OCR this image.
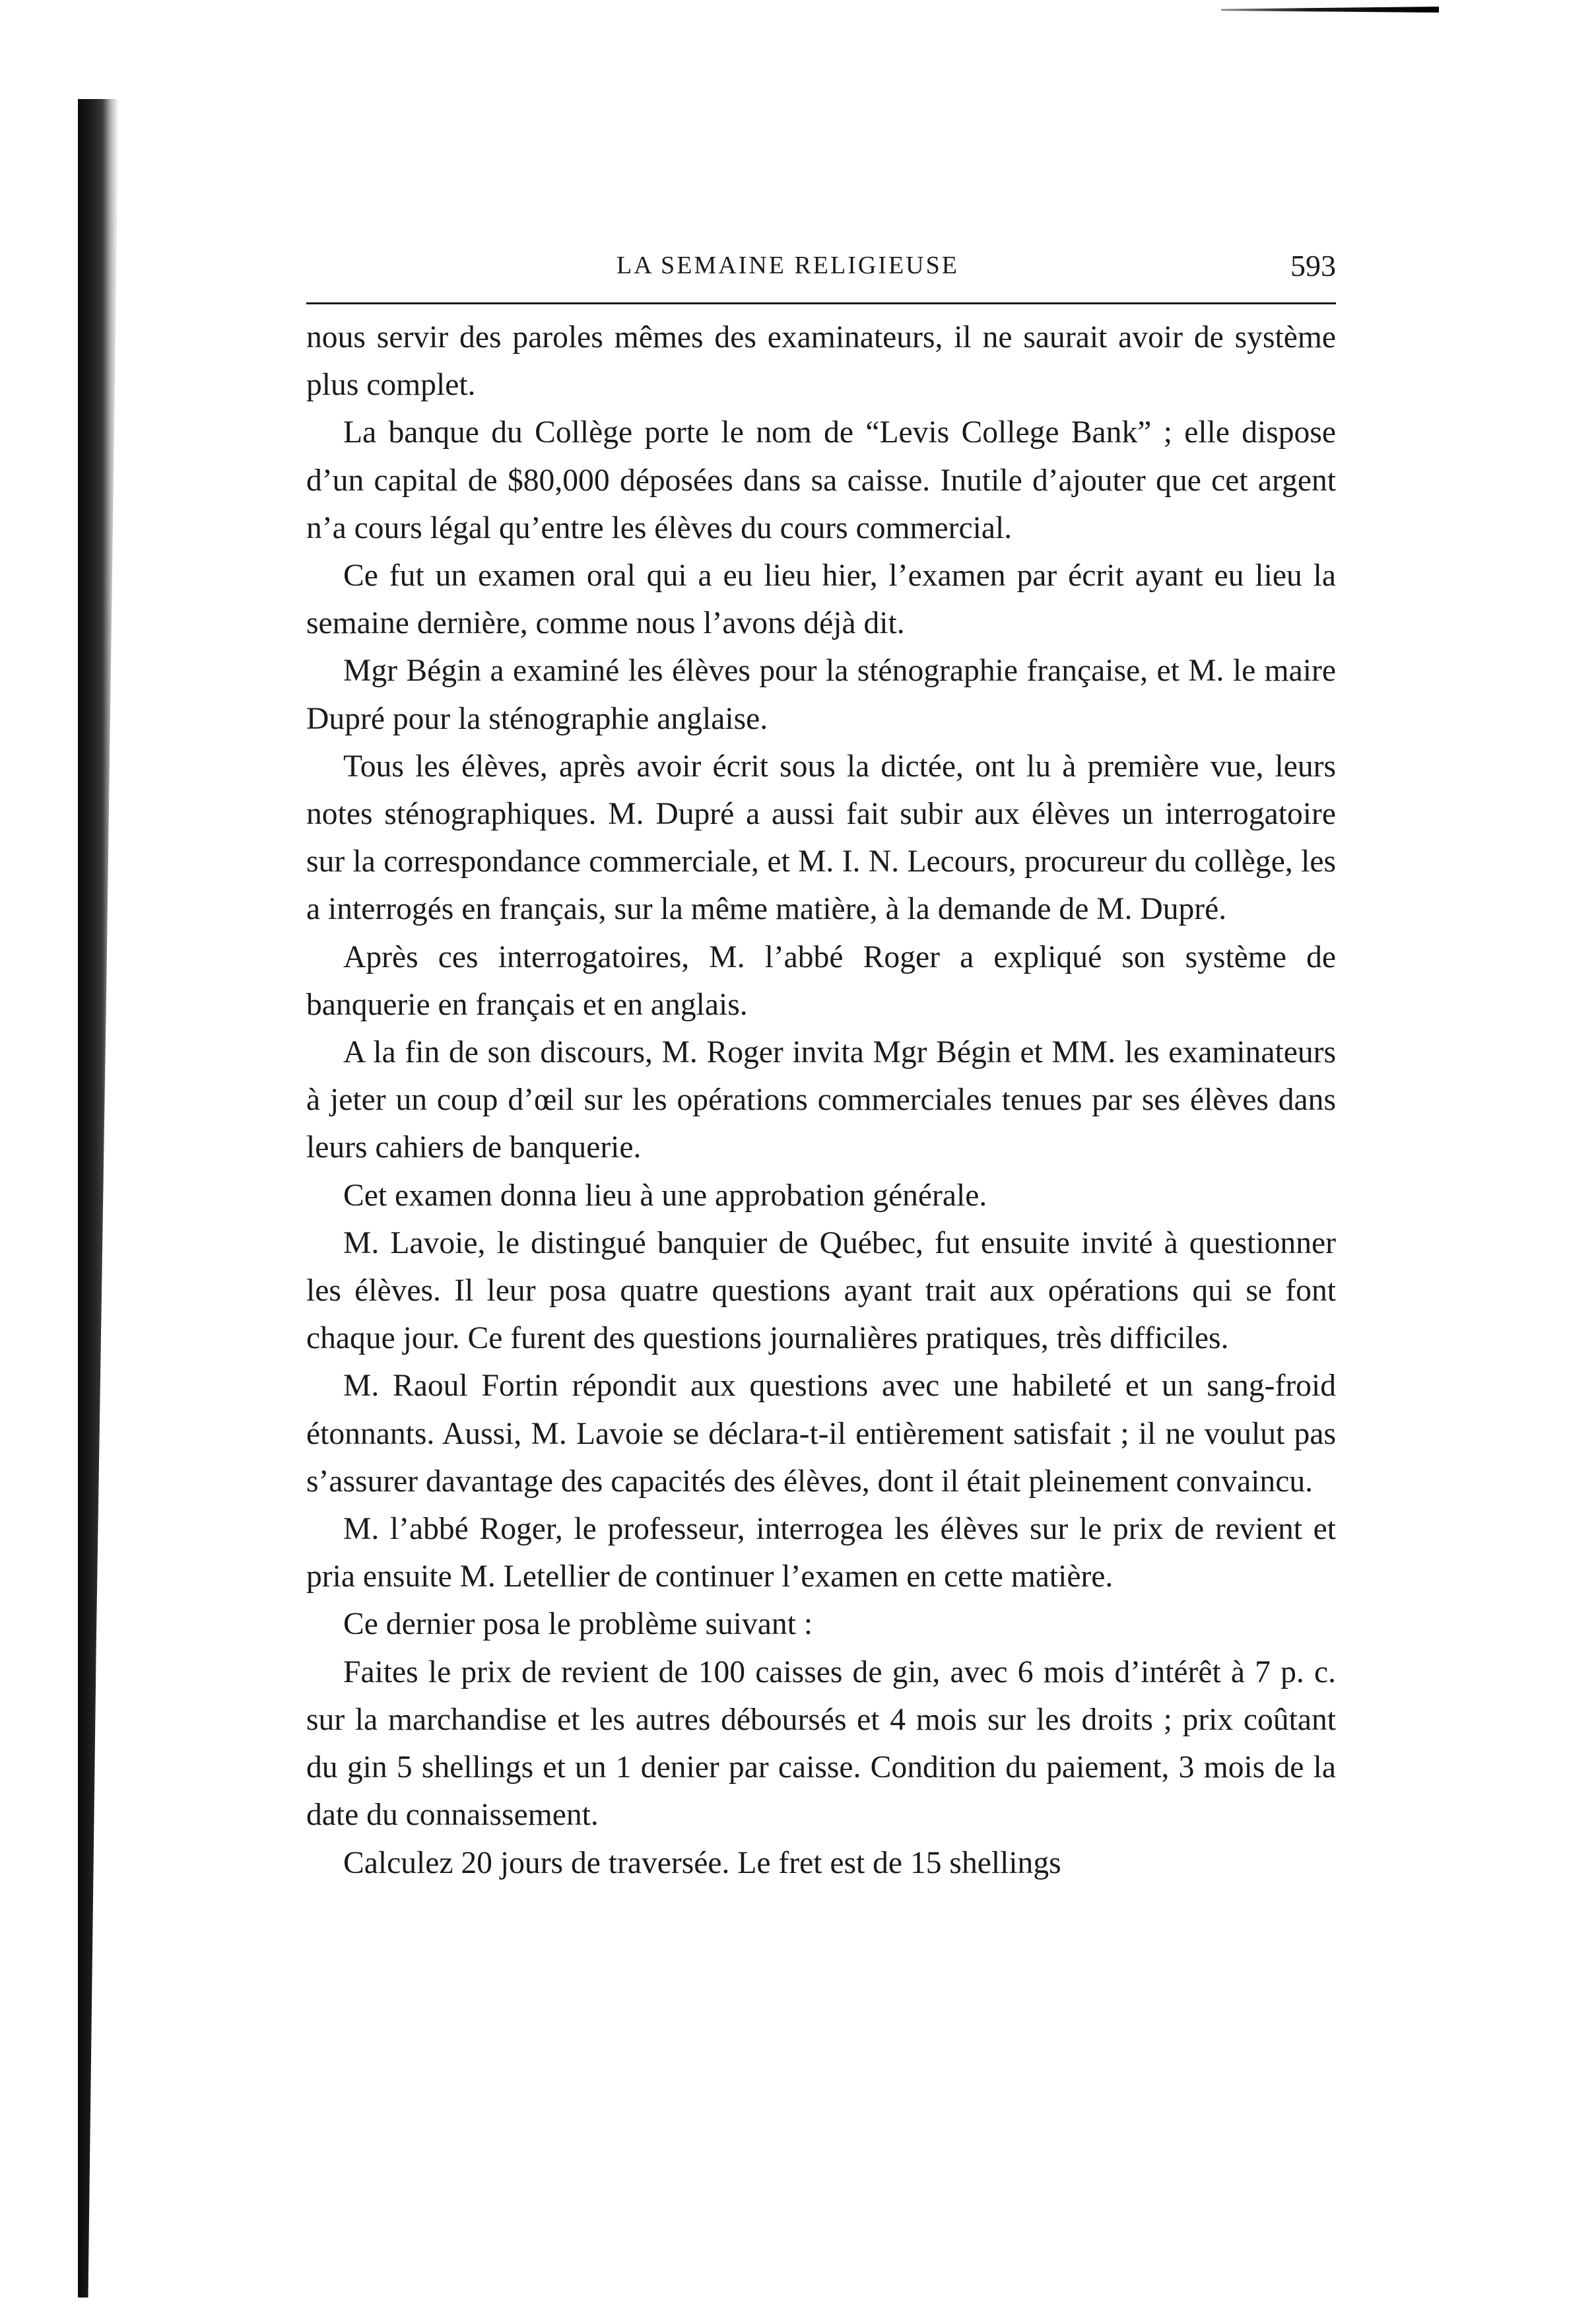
LA SEMAINE RELIGIEUSE	593

nous servir des paroles mêmes des examinateurs, il ne saurait avoir de système plus complet.

La banque du Collège porte le nom de “Levis College Bank” ; elle dispose d’un capital de $80,000 déposées dans sa caisse. Inutile d’ajouter que cet argent n’a cours légal qu’entre les élèves du cours commercial.

Ce fut un examen oral qui a eu lieu hier, l’examen par écrit ayant eu lieu la semaine dernière, comme nous l’avons déjà dit.

Mgr Bégin a examiné les élèves pour la sténographie française, et M. le maire Dupré pour la sténographie anglaise.

Tous les élèves, après avoir écrit sous la dictée, ont lu à première vue, leurs notes sténographiques. M. Dupré a aussi fait subir aux élèves un interrogatoire sur la correspondance commerciale, et M. I. N. Lecours, procureur du collège, les a interrogés en français, sur la même matière, à la demande de M. Dupré.

Après ces interrogatoires, M. l’abbé Roger a expliqué son système de banquerie en français et en anglais.

A la fin de son discours, M. Roger invita Mgr Bégin et MM. les examinateurs à jeter un coup d’œil sur les opérations commerciales tenues par ses élèves dans leurs cahiers de banquerie.

Cet examen donna lieu à une approbation générale.

M. Lavoie, le distingué banquier de Québec, fut ensuite invité à questionner les élèves. Il leur posa quatre questions ayant trait aux opérations qui se font chaque jour. Ce furent des questions journalières pratiques, très difficiles.

M. Raoul Fortin répondit aux questions avec une habileté et un sang-froid étonnants. Aussi, M. Lavoie se déclara-t-il entièrement satisfait ; il ne voulut pas s’assurer davantage des capacités des élèves, dont il était pleinement convaincu.

M. l’abbé Roger, le professeur, interrogea les élèves sur le prix de revient et pria ensuite M. Letellier de continuer l’examen en cette matière.

Ce dernier posa le problème suivant :

Faites le prix de revient de 100 caisses de gin, avec 6 mois d’intérêt à 7 p. c. sur la marchandise et les autres déboursés et 4 mois sur les droits ; prix coûtant du gin 5 shellings et un 1 denier par caisse. Condition du paiement, 3 mois de la date du connaissement.

Calculez 20 jours de traversée. Le fret est de 15 shellings
